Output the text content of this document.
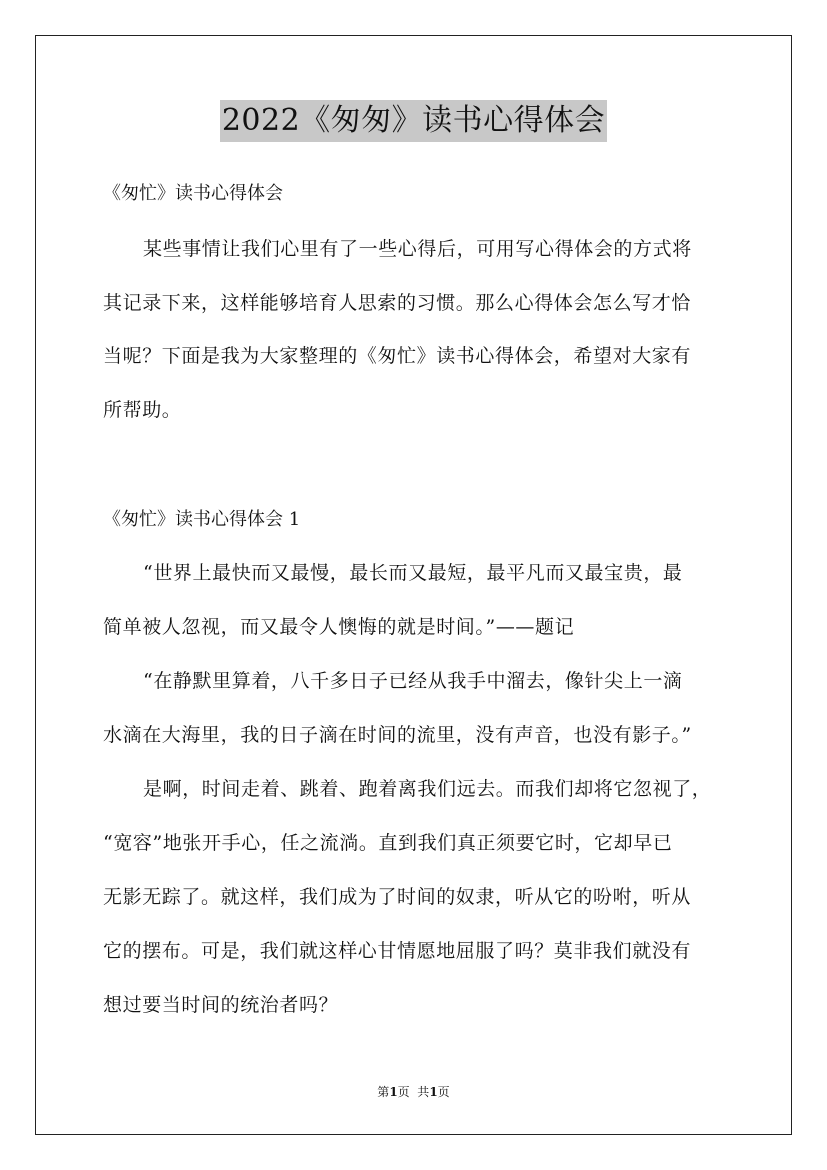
2022《匆匆》读书心得体会
《匆忙》读书心得体会
某些事情让我们心里有了一些心得后，可用写心得体会的方式将
其记录下来，这样能够培育人思索的习惯。那么心得体会怎么写才恰
当呢？下面是我为大家整理的《匆忙》读书心得体会，希望对大家有
所帮助。
《匆忙》读书心得体会 1
“世界上最快而又最慢，最长而又最短，最平凡而又最宝贵，最
简单被人忽视，而又最令人懊悔的就是时间。”——题记
“在静默里算着，八千多日子已经从我手中溜去，像针尖上一滴
水滴在大海里，我的日子滴在时间的流里，没有声音，也没有影子。”
是啊，时间走着、跳着、跑着离我们远去。而我们却将它忽视了，
“宽容”地张开手心，任之流淌。直到我们真正须要它时，它却早已
无影无踪了。就这样，我们成为了时间的奴隶，听从它的吩咐，听从
它的摆布。可是，我们就这样心甘情愿地屈服了吗？莫非我们就没有
想过要当时间的统治者吗？
第1页  共1页
